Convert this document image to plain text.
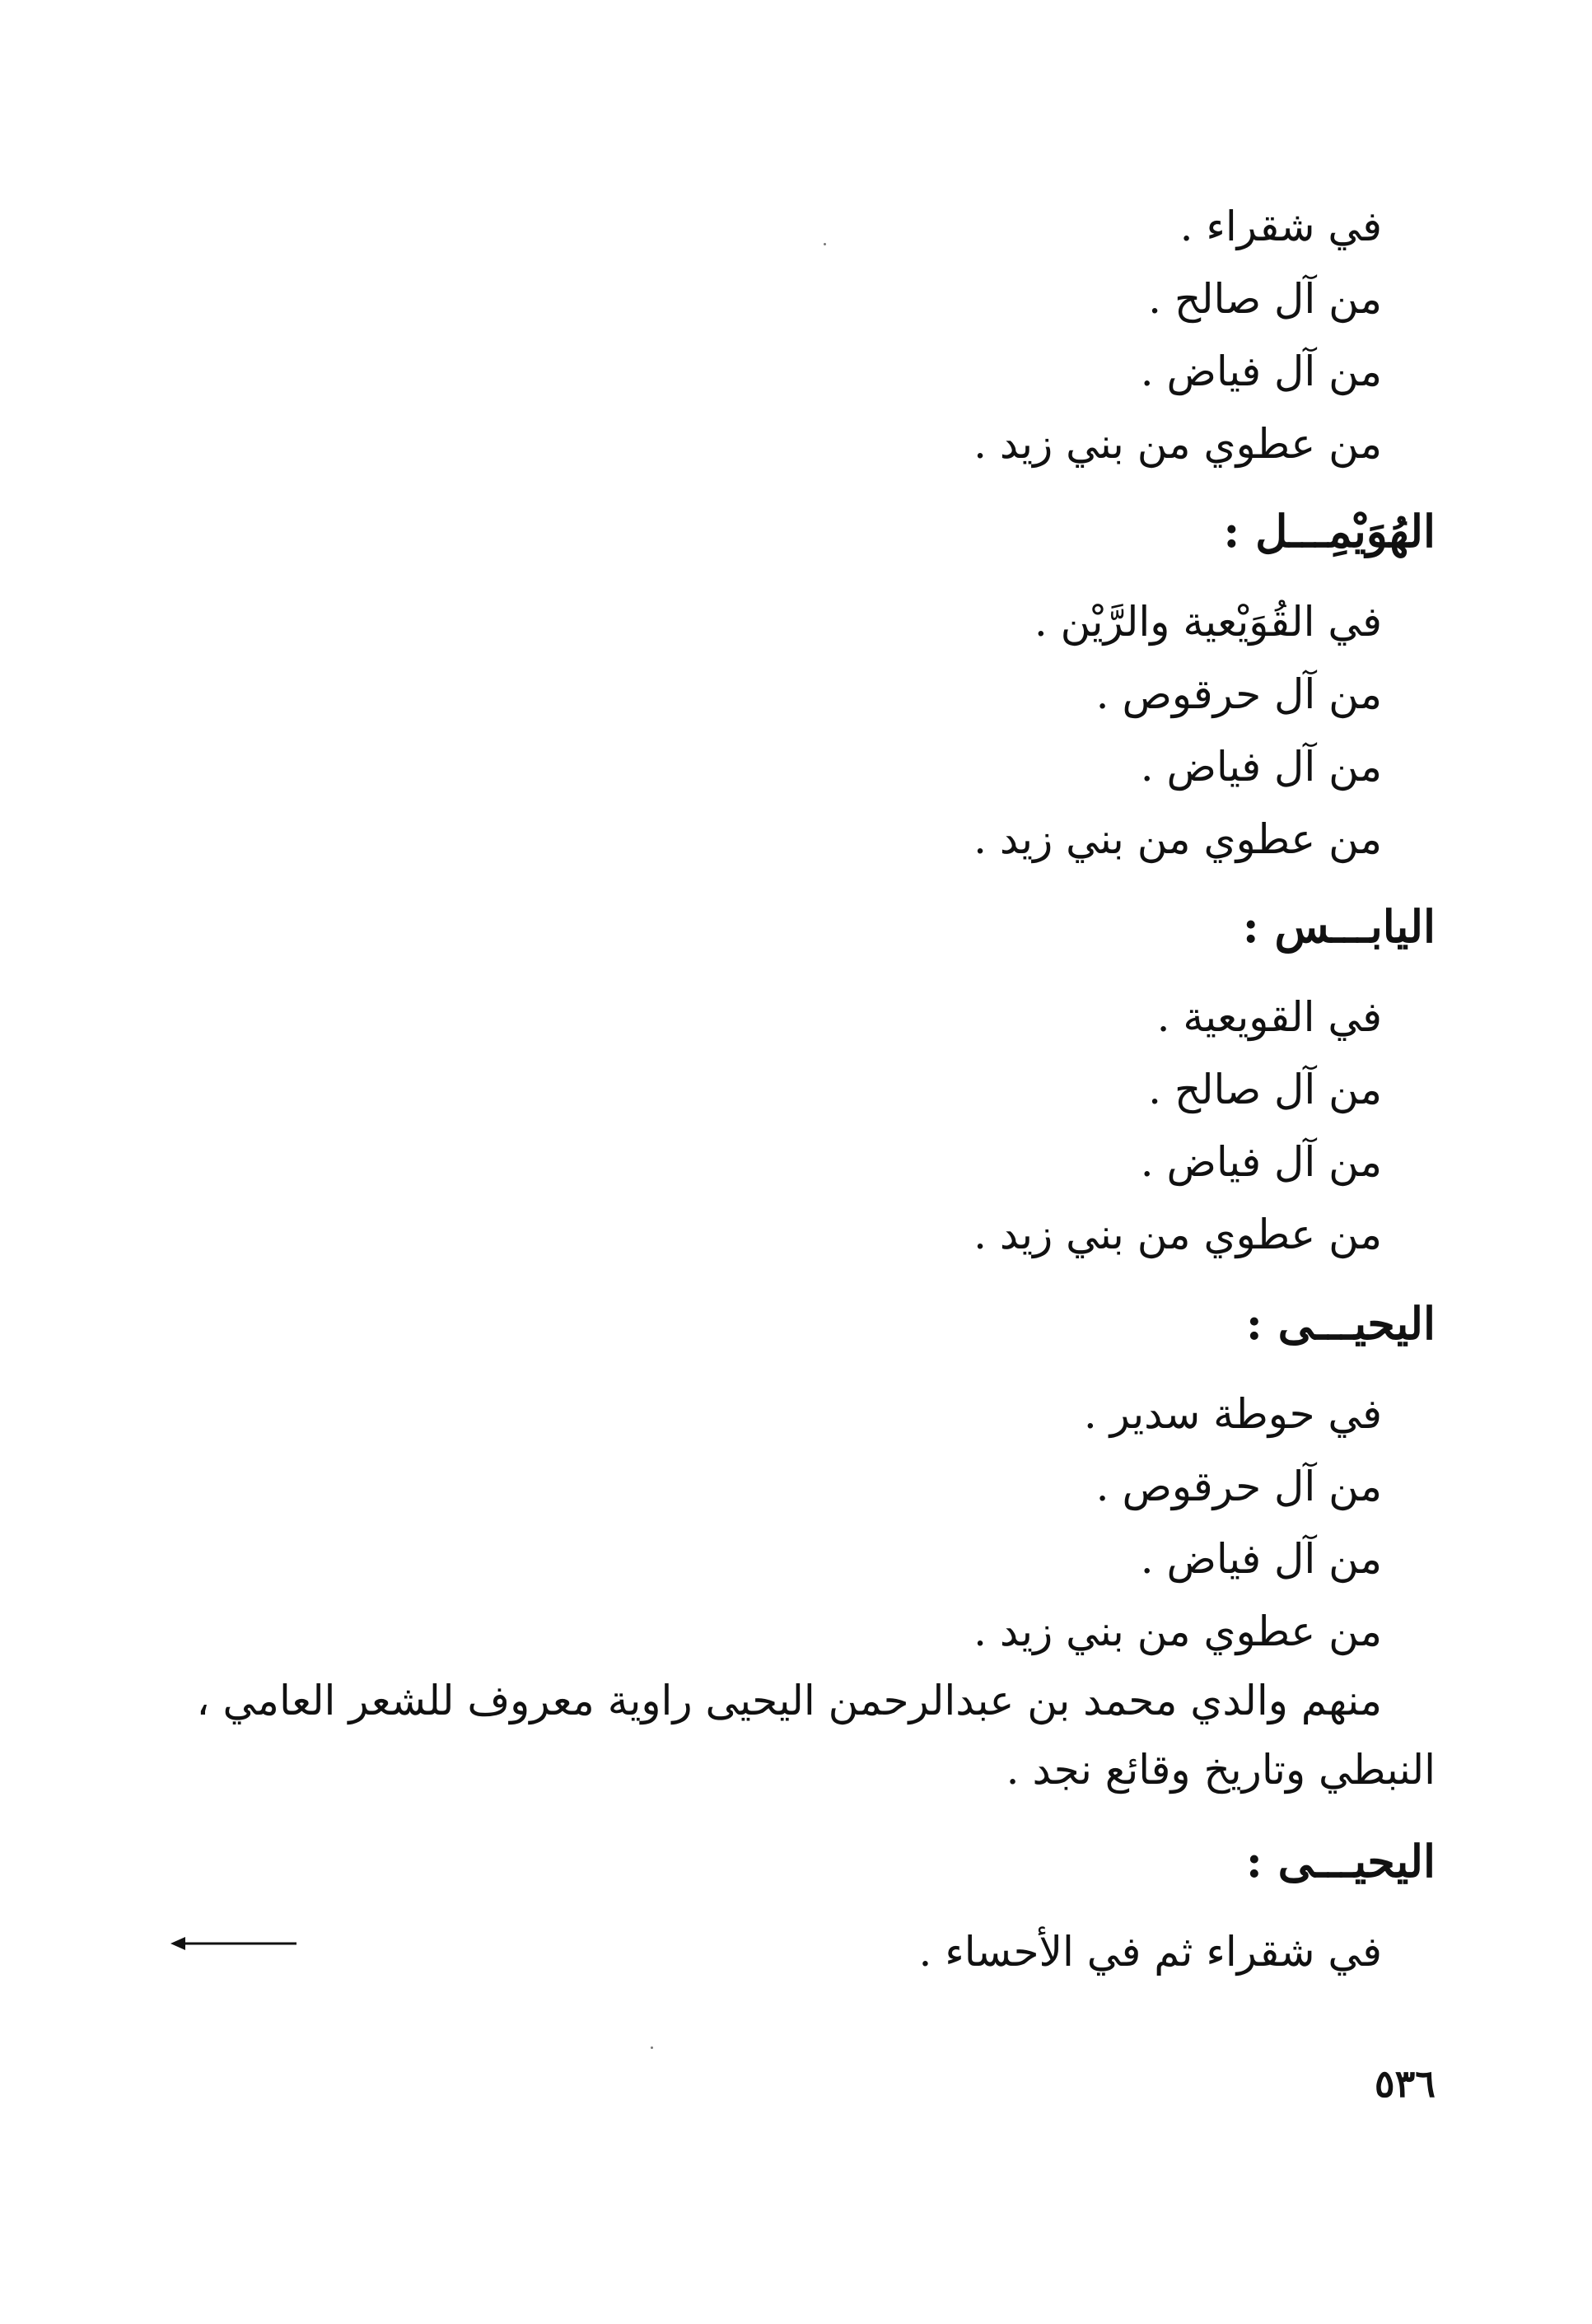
في شقراء .
من آل صالح .
من آل فياض .
من عطوي من بني زيد .
الهُوَيْمِـــل :
في القُوَيْعية والرَّيْن .
من آل حرقوص .
من آل فياض .
من عطوي من بني زيد .
اليابـــس :
في القويعية .
من آل صالح .
من آل فياض .
من عطوي من بني زيد .
اليحيـــى :
في حوطة سدير .
من آل حرقوص .
من آل فياض .
من عطوي من بني زيد .
منهم والدي محمد بن عبدالرحمن اليحيى راوية معروف للشعر العامي ،
النبطي وتاريخ وقائع نجد .
اليحيـــى :
في شقراء ثم في الأحساء .
٥٣٦
